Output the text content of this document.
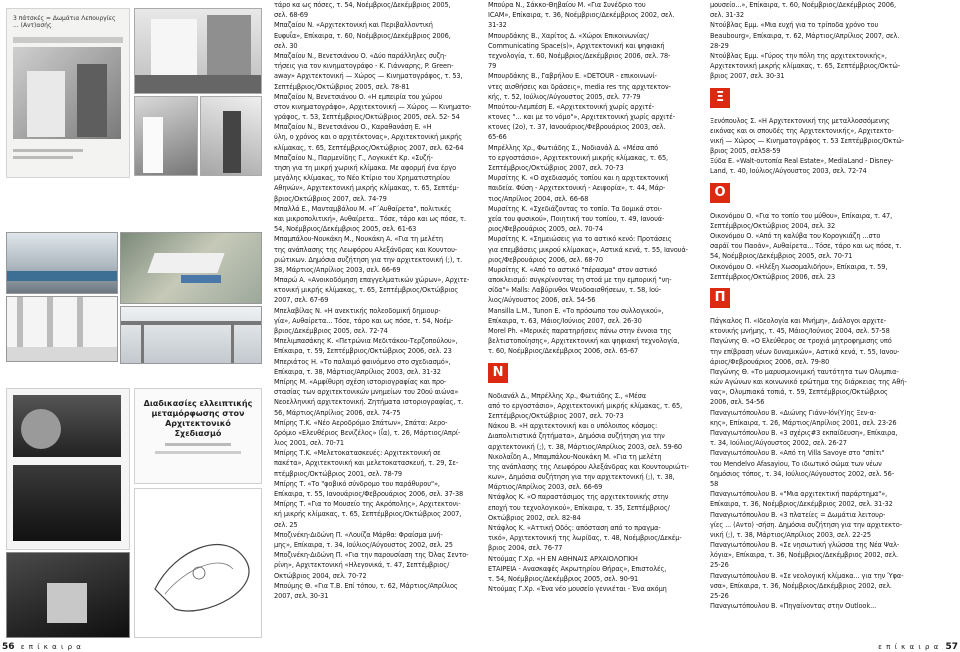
3 πάτσκές = Δωμάτια Λεπουργίες ... (Αντ)ασής
Διαδικασίες ελλειπτικής μεταμόρφωσης στον Αρχιτεκτονικό Σχεδιασμό
τάρο κα ως πόσες, τ. 54, Νοέμβριος/Δεκέμβριος 2005,
σελ. 68-69
Μπαζαίου Ν. «Αρχιτεκτονική και Περιβαλλοντική
Ευφυΐα», Επίκαιρα, τ. 60, Νοέμβριος/Δεκέμβριος 2006,
σελ. 30
Μπαζαίου Ν., Βενετσιάνου Ο. «Δύο παράλληλες συζη-
τήσεις για τον κινηματογράφο - Κ. Γιάνναρης, P. Green-
away» Αρχιτεκτονική — Χώρος — Κινηματογράφος, τ. 53,
Σεπτέμβριος/Οκτώβριος 2005, σελ. 78-81
Μπαζαίου Ν, Βενετσιάνου Ο. «Η εμπειρία του χώρου
στον κινηματογράφο», Αρχιτεκτονική — Χώρος — Κινηματο-
γράφος, τ. 53, Σεπτέμβριος/Οκτώβριος 2005, σελ. 52- 54
Μπαζαίου Ν., Βενετσιάνου Ο., Καραθανάση Ε. «Η
ύλη, ο χρόνος και ο αρχιτέκτονας», Αρχιτεκτονική μικρής
κλίμακας, τ. 65, Σεπτέμβριος/Οκτώβριος 2007, σελ. 62-64
Μπαζαίου Ν., Παρμενίδης Γ., Λογκικέτ Κρ. «Συζή-
τηση για τη μικρή χωρική κλίμακα. Με αφορμή ένα έργο
μεγάλης κλίμακας, το Νέο Κτίριο του Χρηματιστηρίου
Αθηνών», Αρχιτεκτονική μικρής κλίμακας, τ. 65, Σεπτέμ-
βριος/Οκτώβριος 2007, σελ. 74-79
Μπαλλά Ε., Μανταμβάλου Μ. «Γ΄Αυθαίρετα", πολιτικές
και μικροπολιτική», Αυθαίρετα.. Τόσε, τάρο και ως πόσε, τ.
54, Νοέμβριος/Δεκέμβριος 2005, σελ. 61-63
Μπαμπάλου-Νουκάκη Μ., Νουκάκη Α. «Για τη μελέτη
της ανάπλασης της Λεωφόρου Αλεξάνδρας και Κουντου-
ριώτικων. Δημόσια συζήτηση για την αρχιτεκτονική (;), τ.
38, Μάρτιος/Απρίλιος 2003, σελ. 66-69
Μπαρώ Α. «Ανοικοδόμηση επαγγελματικών χώρων», Αρχιτε-
κτονική μικρής κλίμακας, τ. 65, Σεπτέμβριος/Οκτώβριος
2007, σελ. 67-69
Μπελαβίλας Ν. «Η ανεκτικής πολεοδομική δημιουρ-
γία», Αυθαίρετα... Τόσε, τάρο και ως πόσε, τ. 54, Νοέμ-
βριος/Δεκέμβριος 2005, σελ. 72-74
Μπελιμπασάκης Κ. «Πετρώνια Μεδιτάκου-Τερζοπούλου»,
Επίκαιρα, τ. 59, Σεπτέμβριος/Οκτώβριος 2006, σελ. 23
Μπεριάτος Η. «Το παλαιμό φαινόμενο στο σχεδιασμό»,
Επίκαιρα, τ. 38, Μάρτιος/Απρίλιος 2003, σελ. 31-32
Μπίρης Μ. «Αμφίθυρη σχέση ιστοριογραφίας και προ-
στασίας των αρχιτεκτονικών μνημείων του 20ού αιώνα»
Νεοελληνική αρχιτεκτονική. Ζητήματα ιστοριογραφίας, τ.
56, Μάρτιος/Απρίλιος 2006, σελ. 74-75
Μπίρης Τ.Κ. «Νέο Αεροδρόμιο Σπάτων», Σπάτα: Αερο-
δρόμιο «Ελευθέριος Βενιζέλος» (ΐα), τ. 26, Μάρτιος/Απρί-
λιος 2001, σελ. 70-71
Μπίρης Τ.Κ. «Μελετοκατασκευές: Αρχιτεκτονική σε
πακέτα», Αρχιτεκτονική και μελετοκατασκευή, τ. 29, Σε-
πτέμβριος/Οκτώβριος 2001, σελ. 78-79
Μπίρης Τ. «Το "φοβικό σύνδρομο του παράθυρου"»,
Επίκαιρα, τ. 55, Ιανουάριος/Φεβρουάριος 2006, σελ. 37-38
Μπίρης Τ. «Για το Μουσείο της Ακρόπολης», Αρχιτεκτονι-
κή μικρής κλίμακας, τ. 65, Σεπτέμβριος/Οκτώβριος 2007,
σελ. 25
Μποζινέκη-Διδώνη Π. «Λουίζα Μάρθα: Φραίσμα μνή-
μης», Επίκαιρα, τ. 34, Ιούλιος/Αύγουστος 2002, σελ. 25
Μποζινέκη-Διδώνη Π. «Για την παρουσίαση της Όλας Σεντο-
ρίνη», Αρχιτεκτονική «Ηλεγονικά, τ. 47, Σεπτέμβριος/
Οκτώβριος 2004, σελ. 70-72
Μπούμης Θ. «Για Τ.Β. Επί τόπου, τ. 62, Μάρτιος/Απρίλιος
2007, σελ. 30-31
Μπούρα Ν., Σάκκο-Θηβαίου Μ. «Για Συνέδριο του
ICAM», Επίκαιρα, τ. 36, Νοέμβριος/Δεκέμβριος 2002, σελ.
31-32
Μπουρδάκης Β., Χαρίτος Δ. «Χώροι Επικοινωνίας/
Communicating Space(s)», Αρχιτεκτονική και ψηφιακή
τεχνολογία, τ. 60, Νοέμβριος/Δεκέμβριος 2006, σελ. 78-
79
Μπουρδάκης Β., Γαβρήλου Ε. «DETOUR - επικοινωνί-
ντες αισθήσεις και δράσεις», media res της αρχιτεκτον-
κής, τ. 52, Ιούλιος/Αύγουστος 2005, σελ. 77-79
Μπούτου-Λεμπέση Ε. «Αρχιτεκτονική χωρίς αρχιτέ-
κτονες "... και με το νόμο"», Αρχιτεκτονική χωρίς αρχιτέ-
κτονες (2ο), τ. 37, Ιανουάριος/Φεβρουάριος 2003, σελ.
65-66
Μπρέλλης Χρ., Φωτιάδης Σ., Νοδιανάλ Δ. «Μέσα από
το εργοστάσιο», Αρχιτεκτονική μικρής κλίμακας, τ. 65,
Σεπτέμβριος/Οκτώβριος 2007, σελ. 70-73
Μυρσίτης Κ. «Ο σχεδιασμός τοπίου και η αρχιτεκτονική
παιδεία. Φύση - Αρχιτεκτονική - Αειφορία», τ. 44, Μάρ-
τιος/Απρίλιος 2004, σελ. 66-68
Μυρσίτης Κ. «Σχεδιάζοντας το τοπίο. Τα δομικά στοι-
χεία του φυσικού», Ποιητική του τοπίου, τ. 49, Ιανουά-
ριος/Φεβρουάριος 2005, σελ. 70-74
Μυρσίτης Κ. «Σημειώσεις για το αστικό κενό: Προτάσεις
για επεμβάσεις μικρού κλίμακας», Αστικά κενά, τ. 55, Ιανουά-
ριος/Φεβρουάριος 2006, σελ. 68-70
Μυρσίτης Κ. «Από το αστικό "πέρασμα" στον αστικό
αποκλεισμό: συγκρίνοντας τη στοά με την εμπορική "νη-
σίδα"» Malls: Λαβύρινθοι Ψευδοαισθήσεων, τ. 58, Ιού-
λιος/Αύγουστος 2006, σελ. 54-56
Mansilla L.M., Tunon E. «Το πρόσωπο του συλλογικού»,
Επίκαιρα, τ. 63, Μάιος/Ιούνιος 2007, σελ. 26-30
Morel Ph. «Μερικές παρατηρήσεις πάνω στην έννοια της
βελτιστοποίησης», Αρχιτεκτονική και ψηφιακή τεχνολογία,
τ. 60, Νοέμβριος/Δεκέμβριος 2006, σελ. 65-67
Ν
Νοδιανάλ Δ., Μπρέλλης Χρ., Φωτιάδης Σ., «Μέσα
από το εργοστάσιο», Αρχιτεκτονική μικρής κλίμακας, τ. 65,
Σεπτέμβριος/Οκτώβριος 2007, σελ. 70-73
Νάκου Β. «Η αρχιτεκτονική και ο υπόλοιπος κόσμος:
Διαπολιτιστικά ζητήματα», Δημόσια συζήτηση για την
αρχιτεκτονική (;), τ. 38, Μάρτιος/Απρίλιος 2003, σελ. 59-60
Νικολαΐδη Α., Μπαμπάλου-Νουκάκη Μ. «Για τη μελέτη
της ανάπλασης της Λεωφόρου Αλεξάνδρας και Κουντουριώτι-
κων», Δημόσια συζήτηση για την αρχιτεκτονική (;), τ. 38,
Μάρτιος/Απρίλιος 2003, σελ. 66-69
Ντάφλος Κ. «Ο παραστάσιμος της αρχιτεκτονικής στην
εποχή του τεχνολογικού», Επίκαιρα, τ. 35, Σεπτέμβριος/
Οκτώβριος 2002, σελ. 82-84
Ντάφλος Κ. «Αττική Οδός: απόσταση από το πραγμα-
τικό», Αρχιτεκτονική της λωρίδας, τ. 48, Νοέμβριος/Δεκέμ-
βριος 2004, σελ. 76-77
Ντούμας Γ.Χρ. «Η ΕΝ ΑΘΗΝΑΙΣ ΑΡΧΑΙΟΛΟΓΙΚΗ
ΕΤΑΙΡΕΙΑ - Ανασκαφές Ακρωτηρίου Θήρας», Επιστολές,
τ. 54, Νοέμβριος/Δεκέμβριος 2005, σελ. 90-91
Ντούμας Γ.Χρ. «Ένα νέο μουσείο γεννιέται - Ένα ακόμη
μουσείο...», Επίκαιρα, τ. 60, Νοέμβριος/Δεκέμβριος 2006,
σελ. 31-32
Ντούβλας Εμμ. «Μια ευχή για το τρίποδα χρόνο του
Beaubourg», Επίκαιρα, τ. 62, Μάρτιος/Απρίλιος 2007, σελ.
28-29
Ντούβλας Εμμ. «Γύρος την πόλη της αρχιτεκτονικής»,
Αρχιτεκτονική μικρής κλίμακας, τ. 65, Σεπτέμβριος/Οκτώ-
βριος 2007, σελ. 30-31
Ξ
Ξενόπουλος Σ. «Η Αρχιτεκτονική της μεταλλοσσόμενης
εικόνας και οι σπουδές της Αρχιτεκτονικής», Αρχιτεκτο-
νική — Χώρος — Κινηματογράφος τ. 53 Σεπτέμβριος/Οκτώ-
βριος 2005, σελ58-59
Ξύδα Ε. «Walt-ουτοπία Real Estate», MediaLand - Disney-
Land, τ. 40, Ιούλιος/Αύγουστος 2003, σελ. 72-74
Ο
Οικονόμου Ο. «Για το τοπίο του μύθου», Επίκαιρα, τ. 47,
Σεπτέμβριος/Οκτώβριος 2004, σελ. 32
Οικονόμου Ο. «Από τη καλύβα του Κορογκιάζη ...στο
σαράϊ του Παοάν», Αυθαίρετα... Τόσε, τάρο και ως πόσε, τ.
54, Νοέμβριος/Δεκέμβριος 2005, σελ. 70-71
Οικονόμου Ο. «Ηλέξη Χωσομαλιδήου», Επίκαιρα, τ. 59,
Σεπτέμβριος/Οκτώβριος 2006, σελ. 23
Π
Πάγκαλος Π. «Ιδεολογία και Μνήμη», Διάλογοι αρχιτε-
κτονικής μνήμης, τ. 45, Μάιος/Ιούνιος 2004, σελ. 57-58
Παγώνης Θ. «Ο Ελεύθερος σε τροχιά μητροφημισης υπό
την επίβραση νέων δυναμικών», Αστικά κενά, τ. 55, Ιανου-
άριος/Φεβρουάριος 2006, σελ. 79-80
Παγώνης Θ. «Το μαρυσμιονιμική ταυτότητα των Ολυμπια-
κών Αγώνων και κοινωνικό ερώτημα της διάρκειας της Αθή-
νας», Ολυμπιακά τοπιά, τ. 59, Σεπτέμβριος/Οκτώβριος
2006, σελ. 54-56
Παναγιωτόπουλου Β. «Διώνης Γιάνν-Ιόν(Υ)ης Ξεν-α-
κης», Επίκαιρα, τ. 26, Μάρτιος/Απρίλιος 2001, σελ. 23-26
Παναγιωτόπουλου Β. «3 σχέρις#3 εκπαίδευση», Επίκαιρα,
τ. 34, Ιούλιος/Αύγουστος 2002, σελ. 26-27
Παναγιωτόπουλου Β. «Από τη Villa Savoye στο "σπίτι"
του Mendelvo Afasayiou, Το ιδιωτικό σώμα των νέων
δημόσιος τόπος, τ. 34, Ιούλιος/Αύγουστος 2002, σελ. 56-
58
Παναγιωτόπουλου Β. «"Μια αρχιτεκτική παράρτημα"»,
Επίκαιρα, τ. 36, Νοέμβριος/Δεκέμβριος 2002, σελ. 31-32
Παναγιωτόπουλου Β. «3 πλατείες = Δωμάτια λειτουρ-
γίες ... (Αντο) -σήση. Δημόσια συζήτηση για την αρχιτεκτο-
νική (;), τ. 38, Μάρτιος/Απρίλιος 2003, σελ. 22-25
Παναγιωτόπουλου Β. «Σε νησιωτική γλώσσα της Νέα Ψαλ-
λόγια», Επίκαιρα, τ. 36, Νοέμβριος/Δεκέμβριος 2002, σελ.
25-26
Παναγιωτόπουλου Β. «Σε νεολογική κλίμακα... για την Ύφα-
νσα», Επίκαιρα, τ. 36, Νοέμβριος/Δεκέμβριος 2002, σελ.
25-26
Παναγιωτόπουλου Β. «Πηγαίνοντας στην Outlook...
56 ε π ί κ α ι ρ α	ε π ί κ α ι ρ α 57
